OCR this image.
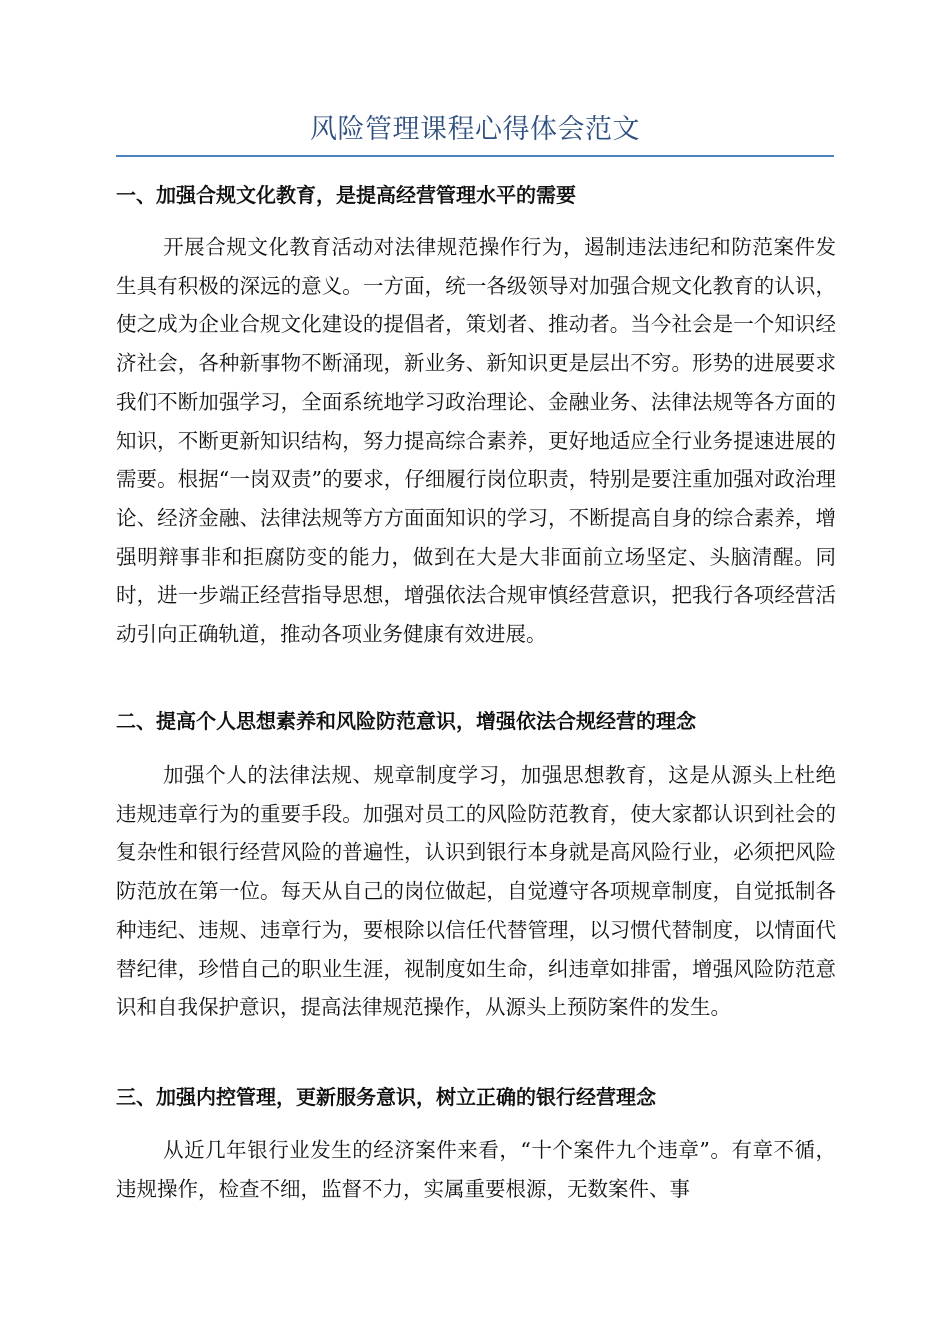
风险管理课程心得体会范文
一、加强合规文化教育，是提高经营管理水平的需要

开展合规文化教育活动对法律规范操作行为，遏制违法违纪和防范案件发生具有积极的深远的意义。一方面，统一各级领导对加强合规文化教育的认识，使之成为企业合规文化建设的提倡者，策划者、推动者。当今社会是一个知识经济社会，各种新事物不断涌现，新业务、新知识更是层出不穷。形势的进展要求我们不断加强学习，全面系统地学习政治理论、金融业务、法律法规等各方面的知识，不断更新知识结构，努力提高综合素养，更好地适应全行业务提速进展的需要。根据“一岗双责”的要求，仔细履行岗位职责，特别是要注重加强对政治理论、经济金融、法律法规等方方面面知识的学习，不断提高自身的综合素养，增强明辩事非和拒腐防变的能力，做到在大是大非面前立场坚定、头脑清醒。同时，进一步端正经营指导思想，增强依法合规审慎经营意识，把我行各项经营活动引向正确轨道，推动各项业务健康有效进展。

二、提高个人思想素养和风险防范意识，增强依法合规经营的理念

加强个人的法律法规、规章制度学习，加强思想教育，这是从源头上杜绝违规违章行为的重要手段。加强对员工的风险防范教育，使大家都认识到社会的复杂性和银行经营风险的普遍性，认识到银行本身就是高风险行业，必须把风险防范放在第一位。每天从自己的岗位做起，自觉遵守各项规章制度，自觉抵制各种违纪、违规、违章行为，要根除以信任代替管理，以习惯代替制度，以情面代替纪律，珍惜自己的职业生涯，视制度如生命，纠违章如排雷，增强风险防范意识和自我保护意识，提高法律规范操作，从源头上预防案件的发生。

三、加强内控管理，更新服务意识，树立正确的银行经营理念

从近几年银行业发生的经济案件来看，“十个案件九个违章”。有章不循，违规操作，检查不细，监督不力，实属重要根源，无数案件、事
